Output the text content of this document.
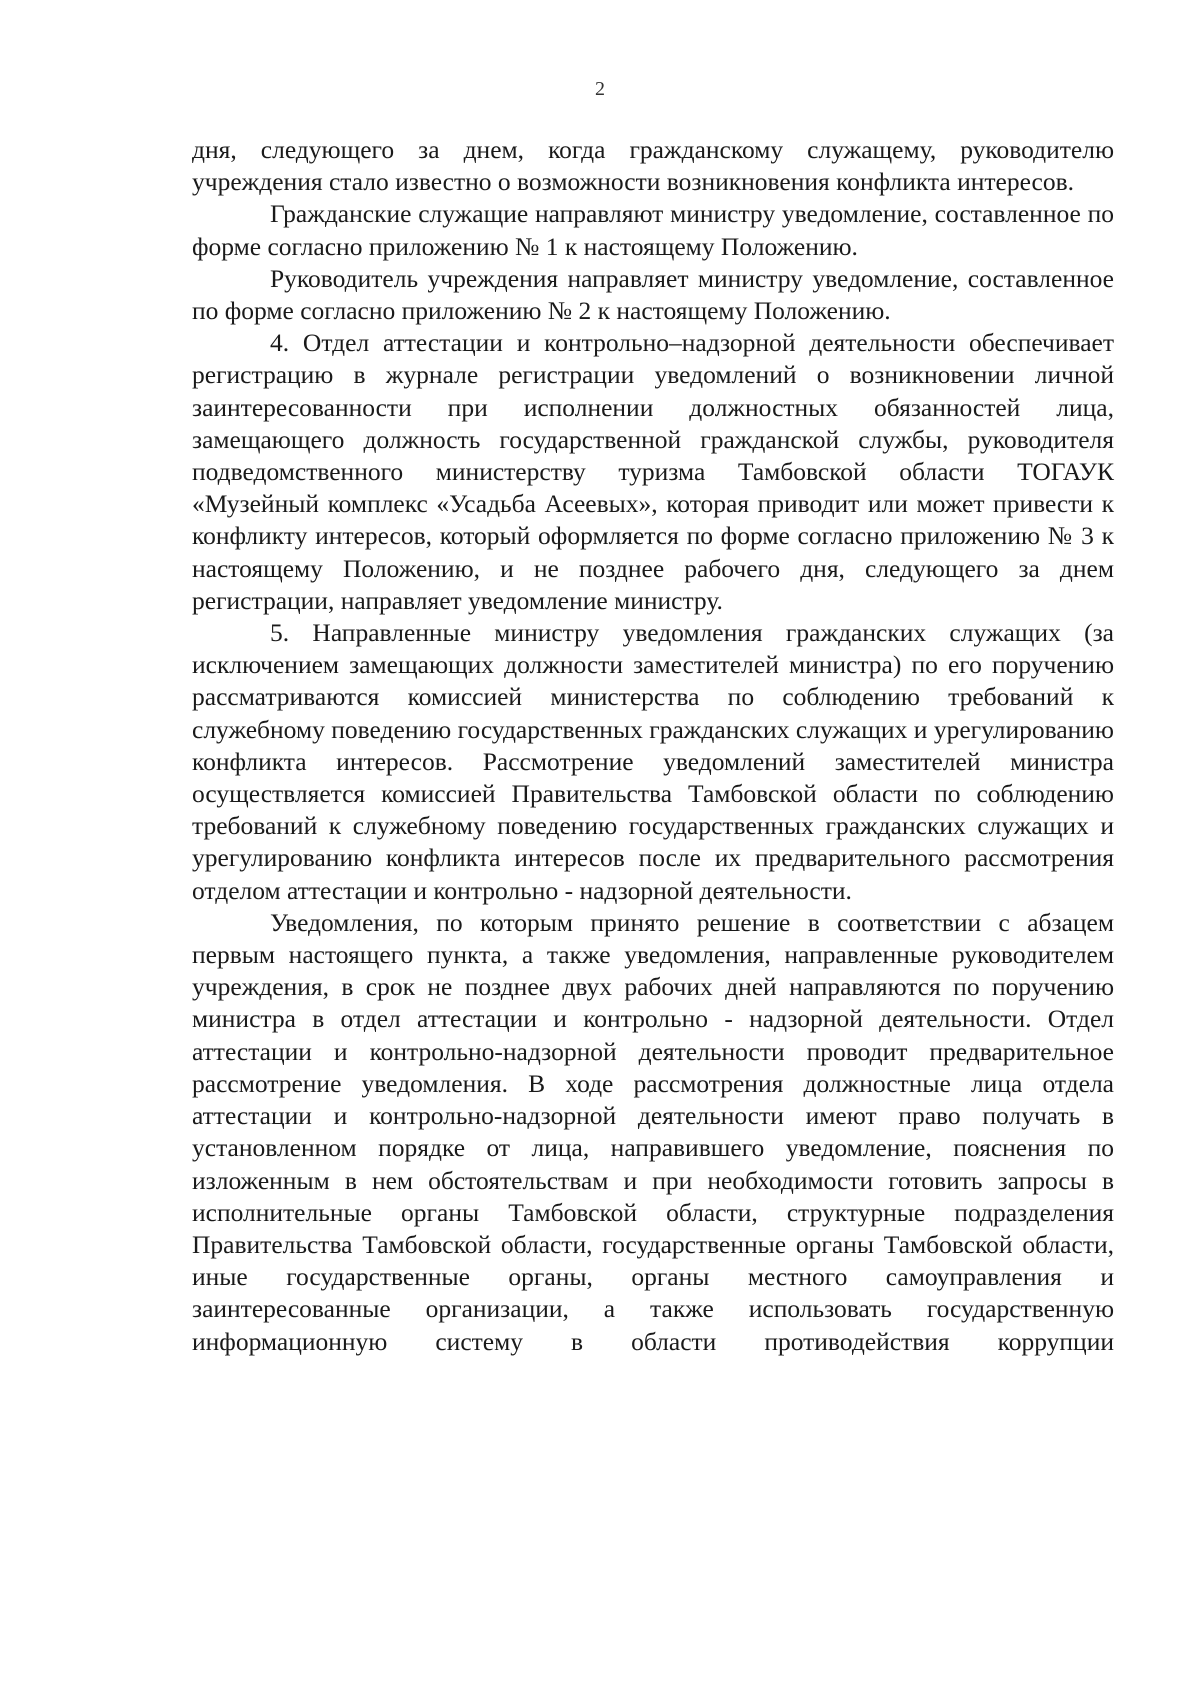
2

дня, следующего за днем, когда гражданскому служащему, руководителю учреждения стало известно о возможности возникновения конфликта интересов.

Гражданские служащие направляют министру уведомление, составленное по форме согласно приложению № 1 к настоящему Положению.

Руководитель учреждения направляет министру уведомление, составленное по форме согласно приложению № 2 к настоящему Положению.

4. Отдел аттестации и контрольно–надзорной деятельности обеспечивает регистрацию в журнале регистрации уведомлений о возникновении личной заинтересованности при исполнении должностных обязанностей лица, замещающего должность государственной гражданской службы, руководителя подведомственного министерству туризма Тамбовской области ТОГАУК «Музейный комплекс «Усадьба Асеевых», которая приводит или может привести к конфликту интересов, который оформляется по форме согласно приложению № 3 к настоящему Положению, и не позднее рабочего дня, следующего за днем регистрации, направляет уведомление министру.

5. Направленные министру уведомления гражданских служащих (за исключением замещающих должности заместителей министра) по его поручению рассматриваются комиссией министерства по соблюдению требований к служебному поведению государственных гражданских служащих и урегулированию конфликта интересов. Рассмотрение уведомлений заместителей министра осуществляется комиссией Правительства Тамбовской области по соблюдению требований к служебному поведению государственных гражданских служащих и урегулированию конфликта интересов после их предварительного рассмотрения отделом аттестации и контрольно - надзорной деятельности.

Уведомления, по которым принято решение в соответствии с абзацем первым настоящего пункта, а также уведомления, направленные руководителем учреждения, в срок не позднее двух рабочих дней направляются по поручению министра в отдел аттестации и контрольно - надзорной деятельности. Отдел аттестации и контрольно-надзорной деятельности проводит предварительное рассмотрение уведомления. В ходе рассмотрения должностные лица отдела аттестации и контрольно-надзорной деятельности имеют право получать в установленном порядке от лица, направившего уведомление, пояснения по изложенным в нем обстоятельствам и при необходимости готовить запросы в исполнительные органы Тамбовской области, структурные подразделения Правительства Тамбовской области, государственные органы Тамбовской области, иные государственные органы, органы местного самоуправления и заинтересованные организации, а также использовать государственную информационную систему в области противодействия коррупции
